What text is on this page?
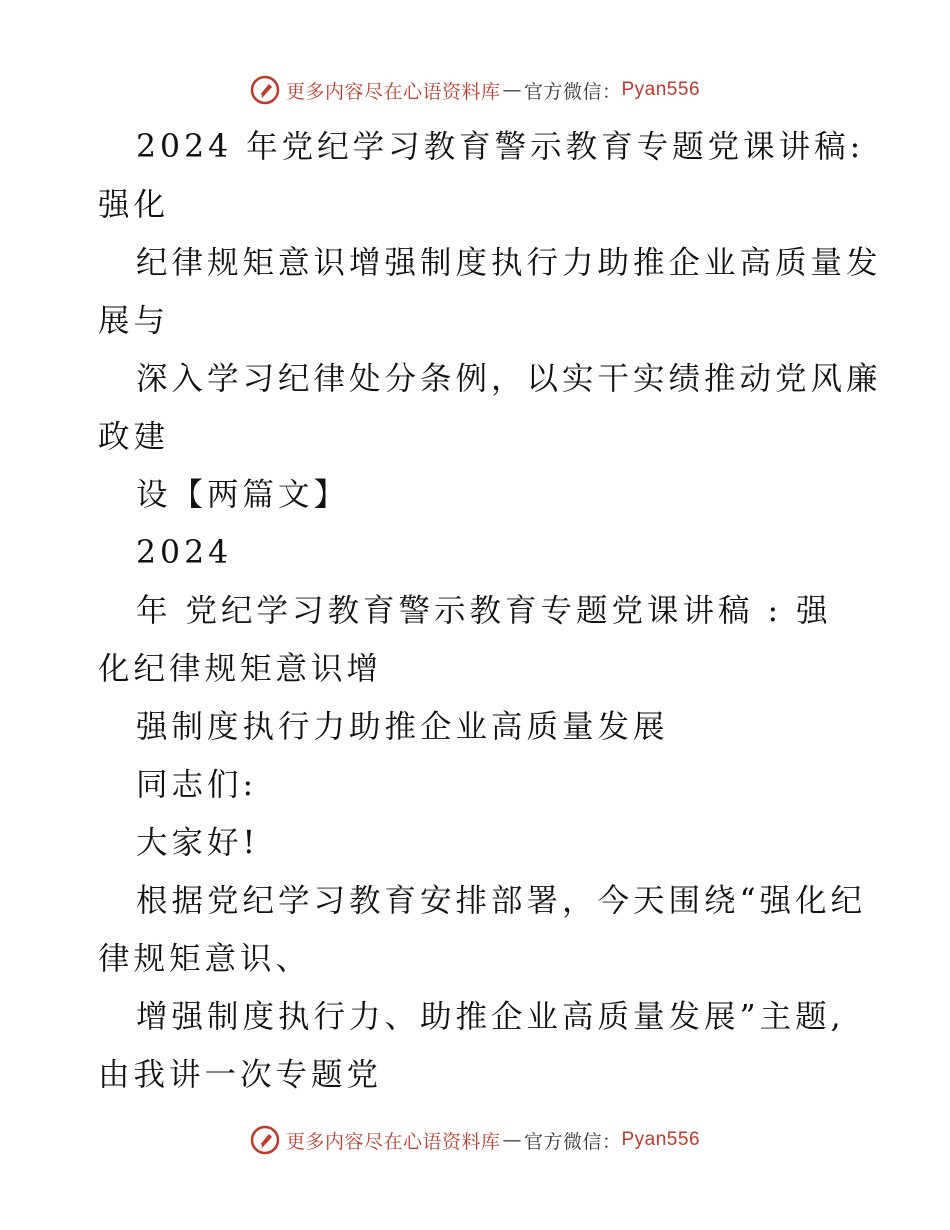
更多内容尽在心语资料库 — 官方微信： Pyan556
2024 年党纪学习教育警示教育专题党课讲稿:
强化
纪律规矩意识增强制度执行力助推企业高质量发
展与
深入学习纪律处分条例，以实干实绩推动党风廉
政建
设【两篇文】
2024
年 党纪学习教育警示教育专题党课讲稿 : 强
化纪律规矩意识增
强制度执行力助推企业高质量发展
同志们:
大家好!
根据党纪学习教育安排部署，今天围绕“强化纪
律规矩意识、
增强制度执行力、助推企业高质量发展”主题,
由我讲一次专题党
更多内容尽在心语资料库 — 官方微信： Pyan556
